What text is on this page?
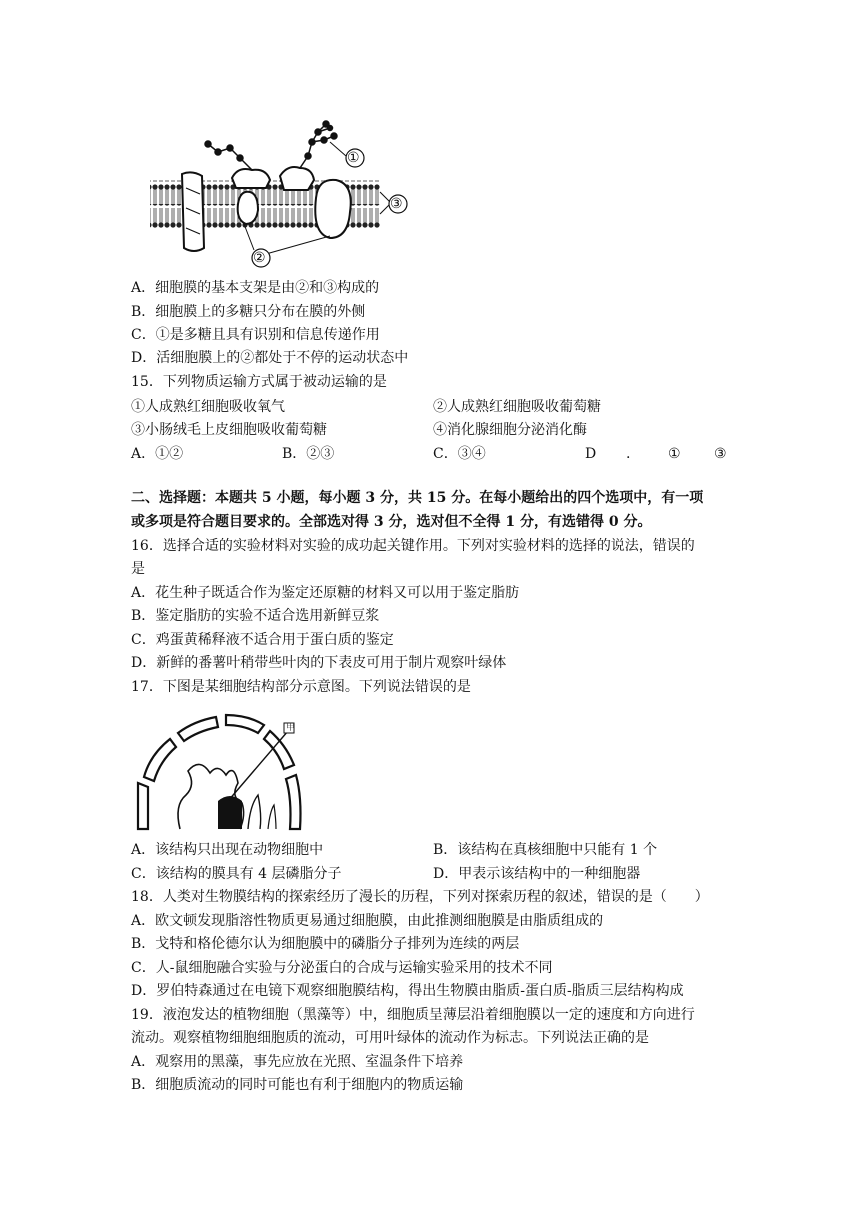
①
②
③
A．细胞膜的基本支架是由②和③构成的
B．细胞膜上的多糖只分布在膜的外侧
C．①是多糖且具有识别和信息传递作用
D．活细胞膜上的②都处于不停的运动状态中
15．下列物质运输方式属于被动运输的是
①人成熟红细胞吸收氧气	②人成熟红细胞吸收葡萄糖
③小肠绒毛上皮细胞吸收葡萄糖	④消化腺细胞分泌消化酶
A．①②	B．②③	C．③④	D .	① ③
二、选择题：本题共 5 小题，每小题 3 分，共 15 分。在每小题给出的四个选项中，有一项
或多项是符合题目要求的。全部选对得 3 分，选对但不全得 1 分，有选错得 0 分。
16．选择合适的实验材料对实验的成功起关键作用。下列对实验材料的选择的说法，错误的
是
A．花生种子既适合作为鉴定还原糖的材料又可以用于鉴定脂肪
B．鉴定脂肪的实验不适合选用新鲜豆浆
C．鸡蛋黄稀释液不适合用于蛋白质的鉴定
D．新鲜的番薯叶稍带些叶肉的下表皮可用于制片观察叶绿体
17．下图是某细胞结构部分示意图。下列说法错误的是
甲
A．该结构只出现在动物细胞中	B．该结构在真核细胞中只能有 1 个
C．该结构的膜具有 4 层磷脂分子	D．甲表示该结构中的一种细胞器
18．人类对生物膜结构的探索经历了漫长的历程，下列对探索历程的叙述，错误的是（　　）
A．欧文顿发现脂溶性物质更易通过细胞膜，由此推测细胞膜是由脂质组成的
B．戈特和格伦德尔认为细胞膜中的磷脂分子排列为连续的两层
C．人-鼠细胞融合实验与分泌蛋白的合成与运输实验采用的技术不同
D．罗伯特森通过在电镜下观察细胞膜结构，得出生物膜由脂质-蛋白质-脂质三层结构构成
19．液泡发达的植物细胞（黑藻等）中，细胞质呈薄层沿着细胞膜以一定的速度和方向进行
流动。观察植物细胞细胞质的流动，可用叶绿体的流动作为标志。下列说法正确的是
A．观察用的黑藻，事先应放在光照、室温条件下培养
B．细胞质流动的同时可能也有利于细胞内的物质运输
